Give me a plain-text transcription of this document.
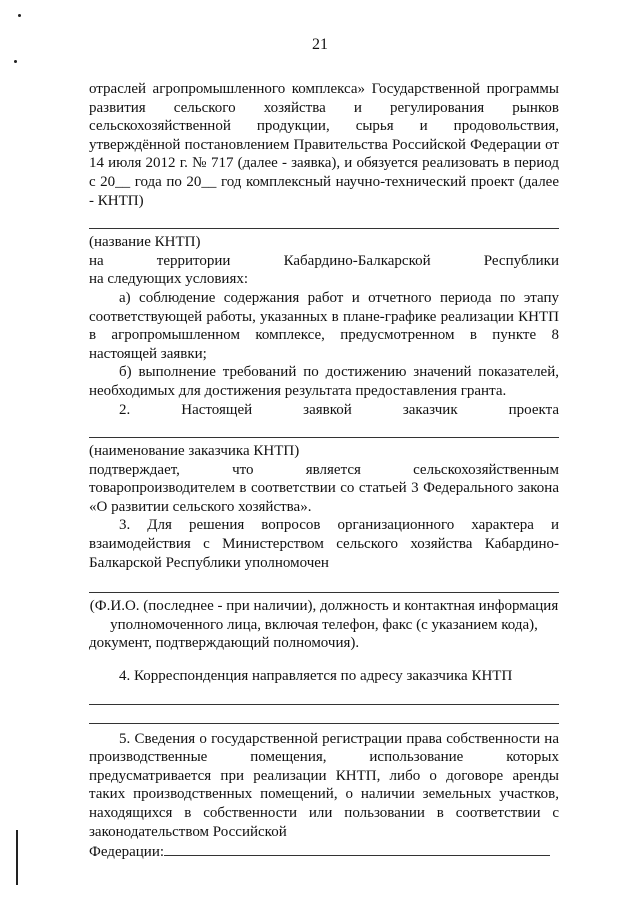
21

отраслей агропромышленного комплекса» Государственной программы развития сельского хозяйства и регулирования рынков сельскохозяйственной продукции, сырья и продовольствия, утверждённой постановлением Правительства Российской Федерации от 14 июля 2012 г. № 717 (далее - заявка), и обязуется реализовать в период с 20__ года по 20__ год комплексный научно-технический проект (далее - КНТП)

(название КНТП)

на территории Кабардино-Балкарской Республики

на следующих условиях:

а) соблюдение содержания работ и отчетного периода по этапу соответствующей работы, указанных в плане-графике реализации КНТП в агропромышленном комплексе, предусмотренном в пункте 8 настоящей заявки;

б) выполнение требований по достижению значений показателей, необходимых для достижения результата предоставления гранта.

2. Настоящей заявкой заказчик проекта

(наименование заказчика КНТП)

подтверждает, что является сельскохозяйственным товаропроизводителем в соответствии со статьей 3 Федерального закона «О развитии сельского хозяйства».

3. Для решения вопросов организационного характера и взаимодействия с Министерством сельского хозяйства Кабардино-Балкарской Республики уполномочен

(Ф.И.О. (последнее - при наличии), должность и контактная информация уполномоченного лица, включая телефон, факс (с указанием кода), документ, подтверждающий полномочия).

4. Корреспонденция направляется по адресу заказчика КНТП

5. Сведения о государственной регистрации права собственности на производственные помещения, использование которых предусматривается при реализации КНТП, либо о договоре аренды таких производственных помещений, о наличии земельных участков, находящихся в собственности или пользовании в соответствии с законодательством Российской

Федерации:
